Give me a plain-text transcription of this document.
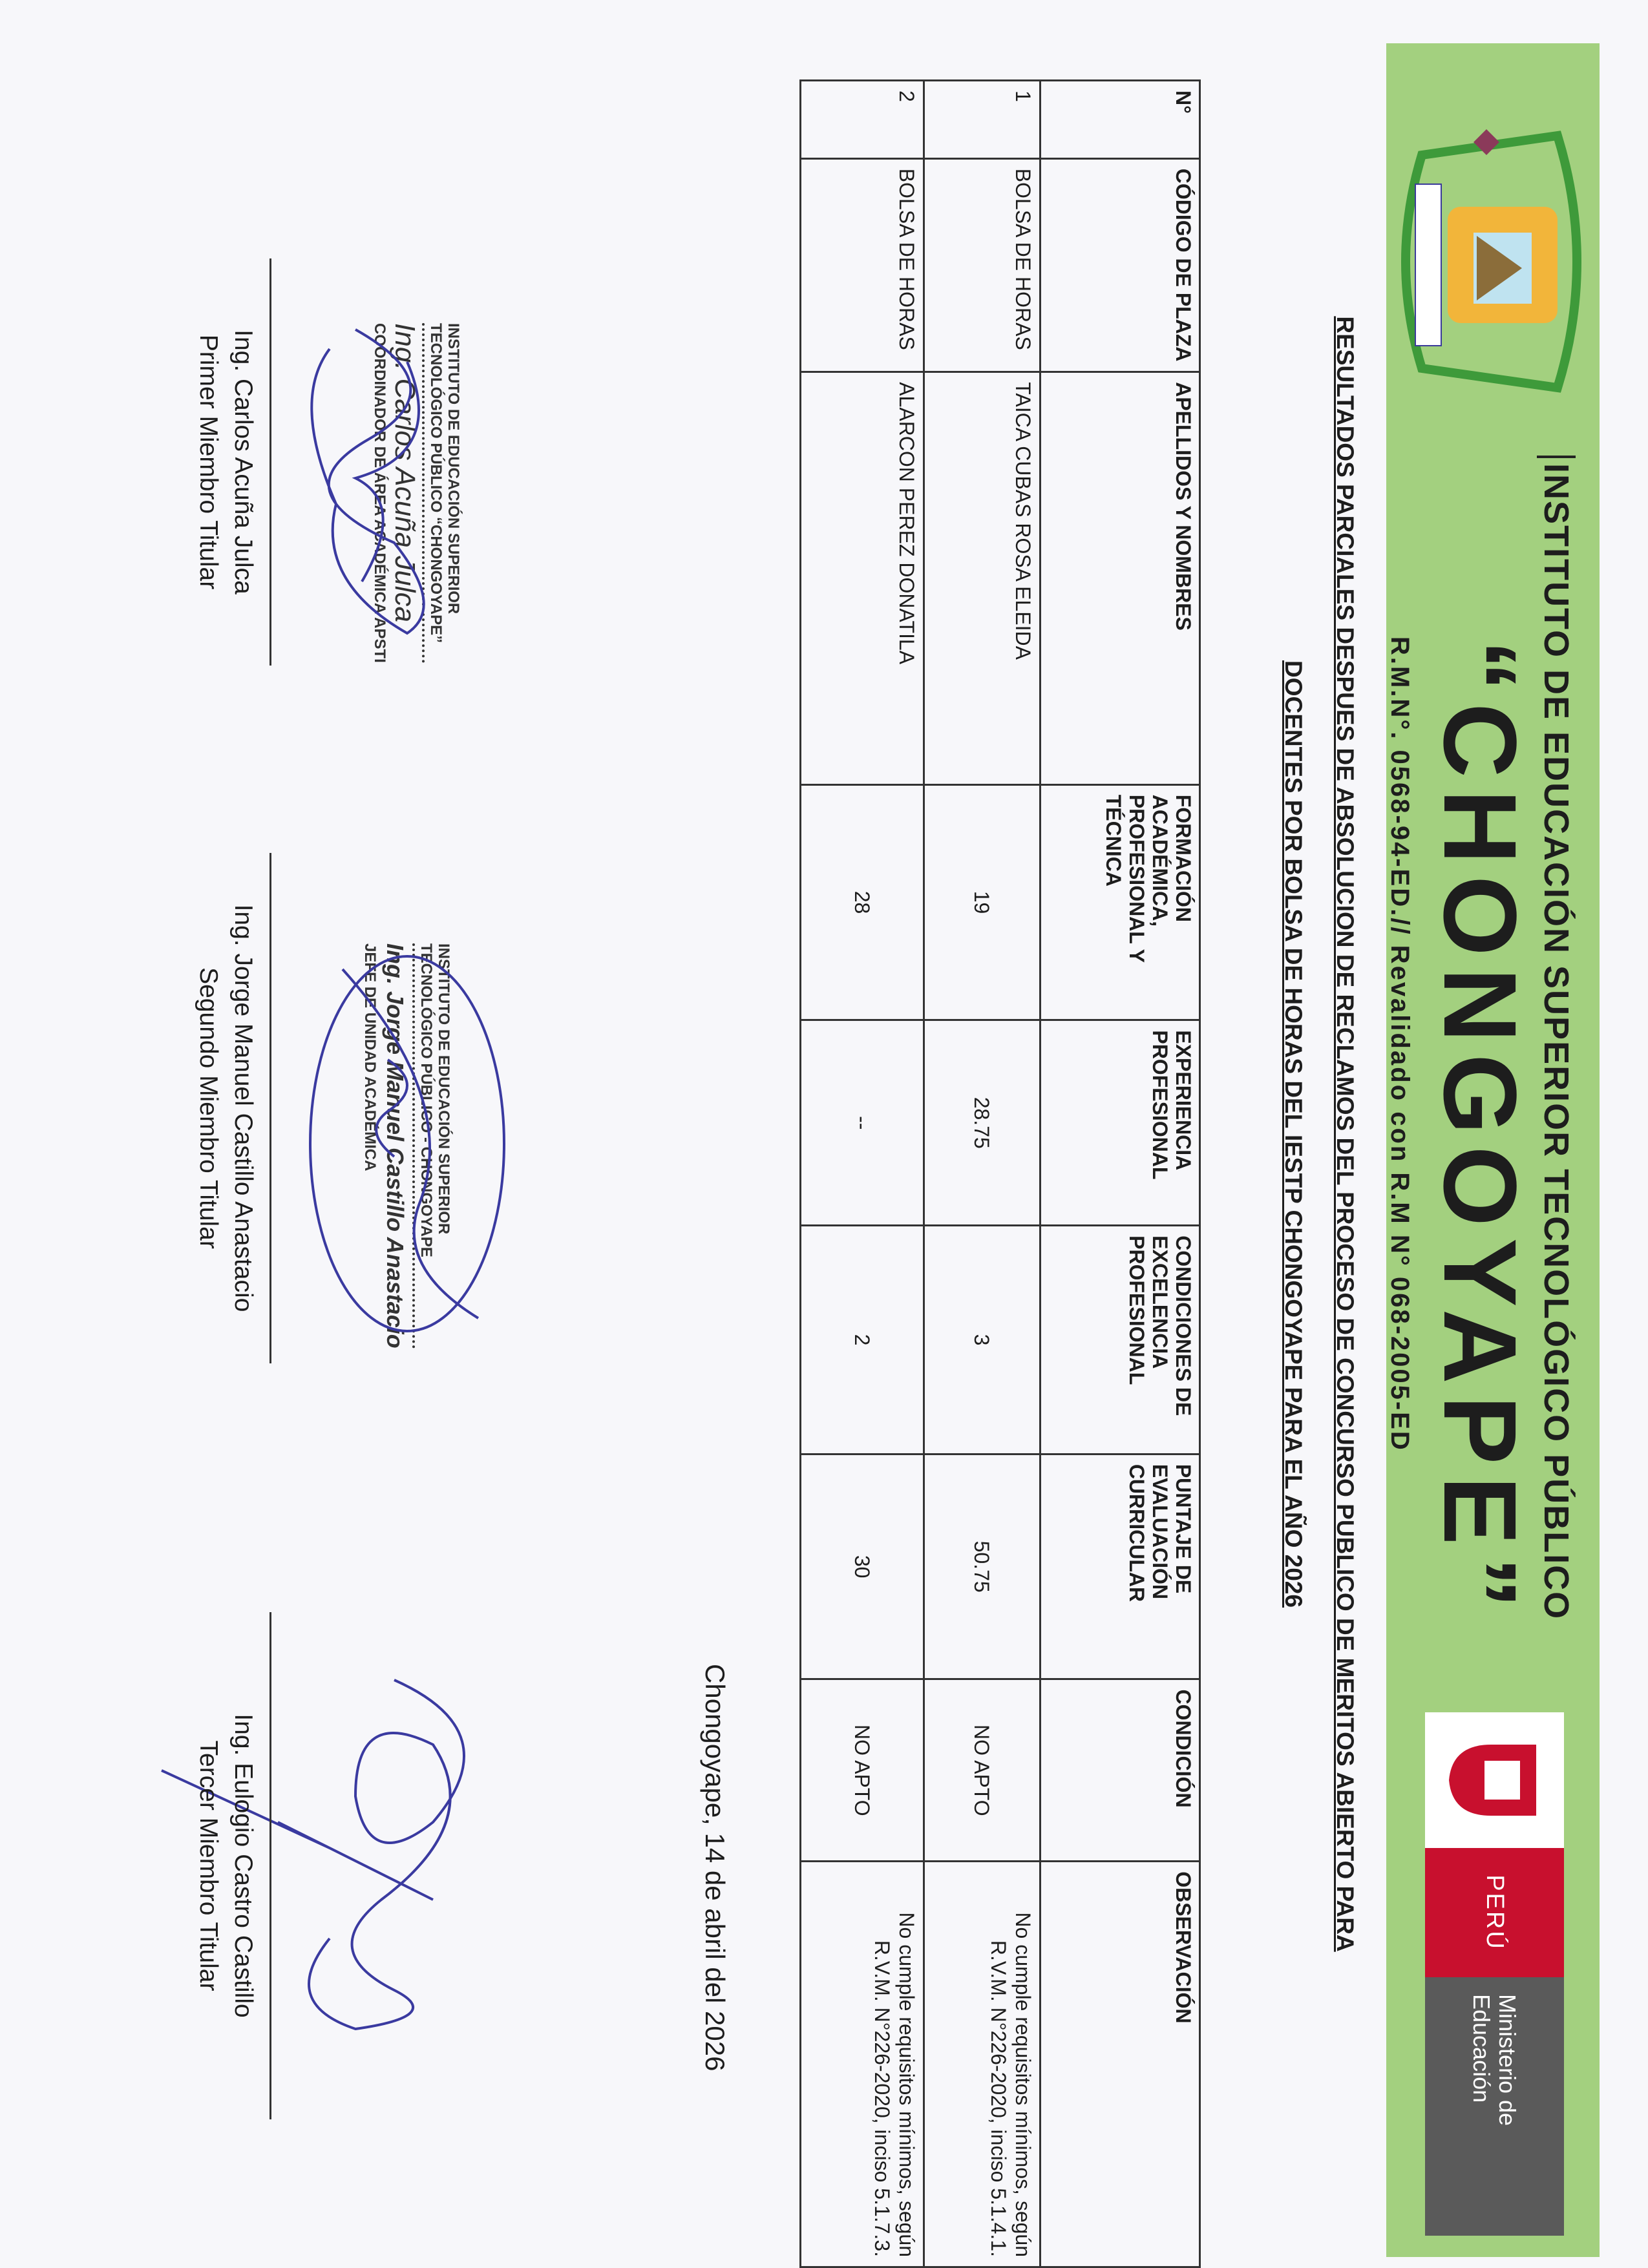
INSTITUTO DE EDUCACIÓN SUPERIOR TECNOLÓGICO PÚBLICO
“CHONGOYAPE”
R.M.N°. 0568-94-ED.// Revalidado con R.M N° 068-2005-ED
PERÚ
Ministerio de Educación
RESULTADOS PARCIALES DESPUES DE ABSOLUCION DE RECLAMOS DEL PROCESO DE CONCURSO PUBLICO DE MERITOS ABIERTO PARA
DOCENTES POR BOLSA DE HORAS DEL IESTP CHONGOYAPE PARA EL AÑO 2026
N°	CÓDIGO DE PLAZA	APELLIDOS Y NOMBRES	FORMACIÓN ACADÉMICA, PROFESIONAL Y TÉCNICA	EXPERIENCIA PROFESIONAL	CONDICIONES DE EXCELENCIA PROFESIONAL	PUNTAJE DE EVALUACIÓN CURRICULAR	CONDICIÓN	OBSERVACIÓN
1	BOLSA DE HORAS	TAICA CUBAS ROSA ELEIDA	19	28.75	3	50.75	NO APTO	No cumple requisitos mínimos, según R.V.M. N°226-2020, inciso 5.1.4.1.
2	BOLSA DE HORAS	ALARCON PEREZ DONATILA	28	--	2	30	NO APTO	No cumple requisitos mínimos, según R.V.M. N°226-2020, inciso 5.1.7.3.
Chongoyape, 14 de abril del 2026
INSTITUTO DE EDUCACIÓN SUPERIOR
TECNOLÓGICO PÚBLICO “CHONGOYAPE”
Ing. Carlos Acuña Julca
COORDINADOR DE ÁREA ACADÉMICA APSTI
INSTITUTO DE EDUCACIÓN SUPERIOR
TECNOLÓGICO PÚBLICO - CHONGOYAPE
Ing. Jorge Manuel Castillo Anastacio
JEFE DE UNIDAD ACADÉMICA
Ing. Carlos Acuña Julca
Primer Miembro Titular
Ing. Jorge Manuel Castillo Anastacio
Segundo Miembro Titular
Ing. Eulogio Castro Castillo
Tercer Miembro Titular
